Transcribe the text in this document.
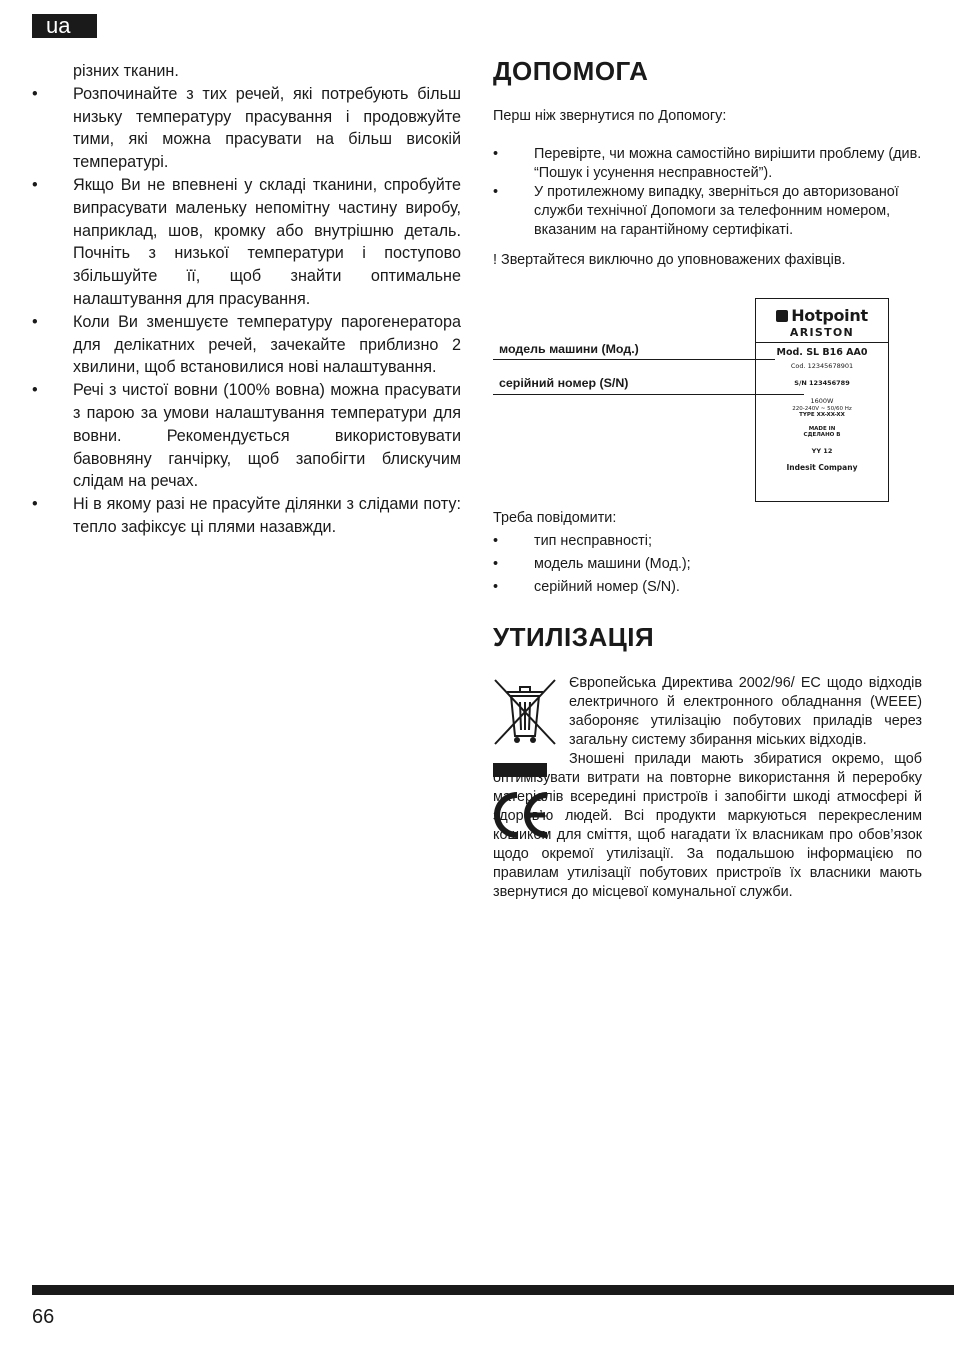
ua

різних тканин.

• Розпочинайте з тих речей, які потребують більш низьку температуру прасування і продовжуйте тими, які можна прасувати на більш високій температурі.
• Якщо Ви не впевнені у складі тканини, спробуйте випрасувати маленьку непомітну частину виробу, наприклад, шов, кромку або внутрішню деталь. Почніть з низької температури і поступово збільшуйте її, щоб знайти оптимальне налаштування для прасування.
• Коли Ви зменшуєте температуру парогенератора для делікатних речей, зачекайте приблизно 2 хвилини, щоб встановилися нові налаштування.
• Речі з чистої вовни (100% вовна) можна прасувати з парою за умови налаштування температури для вовни. Рекомендується використовувати бавовняну ганчірку, щоб запобігти блискучим слідам на речах.
• Ні в якому разі не прасуйте ділянки з слідами поту: тепло зафіксує ці плями назавжди.
ДОПОМОГА
Перш ніж звернутися по Допомогу:
• Перевірте, чи можна самостійно вирішити проблему (див. “Пошук і усунення несправностей”).
• У протилежному випадку, зверніться до авторизованої служби технічної Допомоги за телефонним номером, вказаним на гарантійному сертифікаті.
! Звертайтеся виключно до уповноважених фахівців.
модель машини (Мод.)
серійний номер (S/N)
Hotpoint
ARISTON
Mod. SL B16 AA0
Cod. 12345678901
S/N 123456789
1600W
220-240V ~ 50/60 Hz
TYPE XX-XX-XX
MADE IN
СДЕЛАНО В
YY 12
Indesit Company
Треба повідомити:
• тип несправності;
• модель машини (Мод.);
• серійний номер (S/N).
УТИЛІЗАЦІЯ
Європейська Директива 2002/96/ EC щодо відходів електричного й електронного обладнання (WEEE) забороняє утилізацію побутових приладів через загальну систему збирання міських відходів.
Зношені прилади мають збиратися окремо, щоб оптимізувати витрати на повторне використання й переробку матеріалів всередині пристроїв і запобігти шкоді атмосфері й здоров’ю людей. Всі продукти маркуються перекресленим кошиком для сміття, щоб нагадати їх власникам про обов’язок щодо окремої утилізації. За подальшою інформацією по правилам утилізації побутових пристроїв їх власники мають звернутися до місцевої комунальної служби.
66
